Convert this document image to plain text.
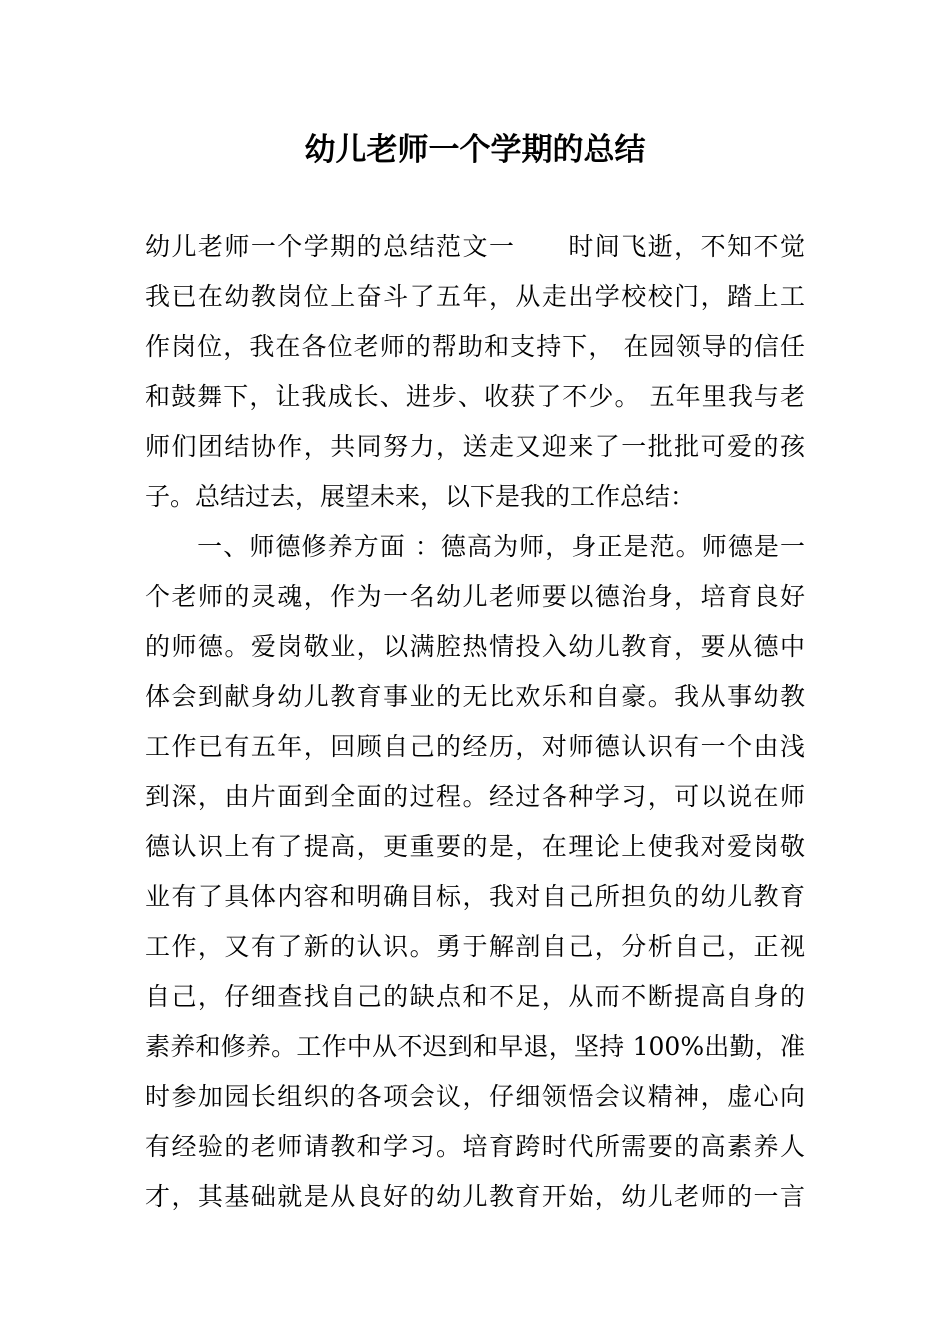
幼儿老师一个学期的总结
幼儿老师一个学期的总结范文一　　时间飞逝，不知不觉
我已在幼教岗位上奋斗了五年，从走出学校校门，踏上工
作岗位，我在各位老师的帮助和支持下， 在园领导的信任
和鼓舞下，让我成长、进步、收获了不少。 五年里我与老
师们团结协作，共同努力，送走又迎来了一批批可爱的孩
子。总结过去，展望未来，以下是我的工作总结：
　　一、师德修养方面 ：德高为师，身正是范。师德是一
个老师的灵魂，作为一名幼儿老师要以德治身，培育良好
的师德。爱岗敬业，以满腔热情投入幼儿教育，要从德中
体会到献身幼儿教育事业的无比欢乐和自豪。我从事幼教
工作已有五年，回顾自己的经历，对师德认识有一个由浅
到深，由片面到全面的过程。经过各种学习，可以说在师
德认识上有了提高，更重要的是，在理论上使我对爱岗敬
业有了具体内容和明确目标，我对自己所担负的幼儿教育
工作，又有了新的认识。勇于解剖自己，分析自己，正视
自己，仔细查找自己的缺点和不足，从而不断提高自身的
素养和修养。工作中从不迟到和早退，坚持 100%出勤，准
时参加园长组织的各项会议，仔细领悟会议精神，虚心向
有经验的老师请教和学习。培育跨时代所需要的高素养人
才，其基础就是从良好的幼儿教育开始，幼儿老师的一言
